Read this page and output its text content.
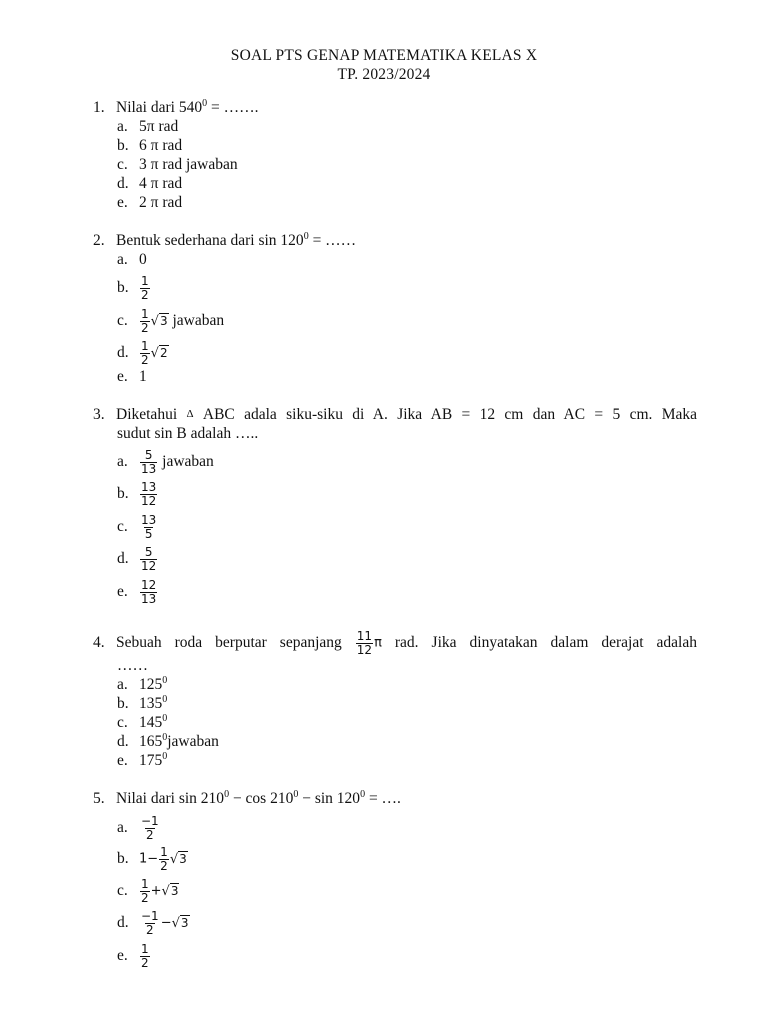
SOAL PTS GENAP MATEMATIKA KELAS X
TP. 2023/2024
1. Nilai dari $540^0$ = …….
a. 5π rad
b. 6 π rad
c. 3 π rad jawaban
d. 4 π rad
e. 2 π rad
2. Bentuk sederhana dari $\sin 120^0$ = ……
a. 0
b. $\frac{1}{2}$
c. $\frac{1}{2} √3$ jawaban
d. $\frac{1}{2} √2$
e. 1
3. Diketahui Δ ABC adala siku-siku di A. Jika AB = 12 cm dan AC = 5 cm. Maka
sudut sin B adalah …..
a. $\frac{5}{13}$ jawaban
b. $\frac{13}{12}$
c. $\frac{13}{5}$
d. $\frac{5}{12}$
e. $\frac{12}{13}$
4. Sebuah roda berputar sepanjang $\frac{11}{12}$ π rad. Jika dinyatakan dalam derajat adalah
……
a. $125^0$
b. $135^0$
c. $145^0$
d. $165^0jawaban$
e. $175^0$
5. Nilai dari $\sin 210^0 - \cos 210^0 - \sin 120^0$ = ….
a. $\frac{-1}{2}$
b. $1- \frac{1}{2} √3$
c. $\frac{1}{2} +√3$
d. $\frac{-1}{2} -√3$
e. $\frac{1}{2}$
